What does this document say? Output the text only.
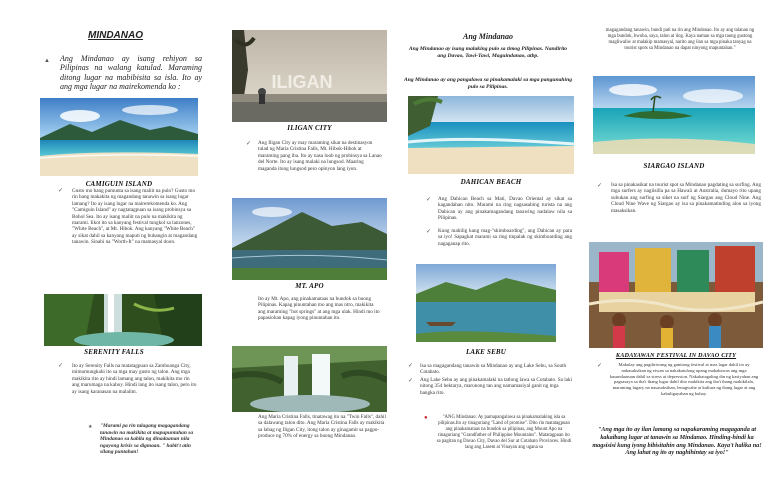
MINDANAO
▲ Ang Mindanao ay isang rehiyon sa Pilipinas na walang katulad. Maraming ditong lugar na mabibisita sa isla. Ito ay ang mga lugar na mairekomenda ko :
CAMIGUIN ISLAND
✓ Gusto mo bang pumunta sa isang maliit na pulo? Gusto mo rin bang makakita ng magandang tanawin sa isang lugar lamang? Ito ay isang lugar na mairerekomenda ko. Ang "Camiguin Island" ay nagtatagpuan sa isang probinsya sa Bohol Sea. Ito ay isang maliit na pulo na makikita ng marami. Iikot ito sa kanyang festival tungkol sa lanzones, "White Beach", at Mt. Hibok. Ang kanyang "White Beach" ay sikat dahil sa kanyang maputi ng buhangin at magandang tanawin. Sinabi na "Worth-It" na mamasyal doon.
SERENITY FALLS
✓ Ito ay Serenity Falls na matatagpuan sa Zamboanga City, mimumungkahi ito sa mga may gusto ng talon. Ang mga makikita rito ay hindi lamang ang talon, makikita mo rin ang marumaga na kahoy. Hindi lang ito isang talon, pero ito ay isang karanasan na malalim.
★ "Marami pa rin talagang magagandang tanawin na makikita at mapupuntahan sa Mindanao sa kabila ng dinadaanan nila ngayong krisis sa digmaan. " habit't atin silang puntahan!
ILIGAN
ILIGAN CITY
✓ Ang Iligan City ay may maraming sikat na destinasyon tulad ng Maria Cristina Falls, Mt. Hibok-Hibok at maraming pang iba. Ito ay nasa loob ng probinsya sa Lanao del Norte. Ito ay isang malaki na lungsod. Maaring maganda itong lungsod pero opinyon lang iyon.
MT. APO
Ito ay Mt. Apo, ang pinakamataas na bundok sa buong Pilipinas. Kapag pinuntahan mo ang mas ntro, makikita ang maraming "hot springs" at ang mga ulak. Hindi mo ito papasiohan kapag iyong pinuntahan ito.
Ang Maria Cristina Falls, tinatawag ito na "Twin Falls", dahil sa dalawang talon dito. Ang Maria Cristina Falls ay makikita sa labag ng Iligan City, itong talon ay ginagamit sa pagpo-produce ng 70% of energy sa buong Mindanao.
Ang Mindanao
Ang Mindanao ay isang malaking pulo sa timog Pilipinas. Nandirito ang Davao, Tawi-Tawi, Maguindanao, atbp.
Ang Mindanao ay ang pangalawa sa pinakamalaki sa mga pangunahing pulo sa Pilipinas.
DAHICAN BEACH
✓ Ang Dahican Beach sa Mati, Davao Oriental ay sikat sa kagandahan nito. Marami na ring nagsasabing turista na ang Dahican ay ang pinakamagandang tanawing nadalaw nila sa Pilipinas.
✓ Kung mahilig kang mag-"skimboarding", ang Dahican ay para sa iyo! Sapagkat marami sa ring tinpalak ng skimboarding ang nagaganap rito.
LAKE SEBU
✓ Isa sa magagandang tanawin sa Mindanao ay ang Lake Sebu, sa South Cotabato.
✓ Ang Lake Sebu ay ang pinakamalaki na tatlong lawa sa Cotabato. Sa laki nitong 354 hektarya, marunong tan ang namamasiyal ganit ng mga bangka rito.
●	"ANG Mindanao: Ay pamapangalawa sa pinakamalaking isla sa pilipinas.Ito ay tinaguriang "Land of promise". Dito rin matatagpuan ang pinakamataas na bundok sa pilipinas, ang Mount Apo na tinaguriang "Grandfather of Philippine Mountains". Matatagpuan ito sa pagitan ng Davao City, Davao del Sur at Cotabato Provinces. Hindi lang ang Lasem at Vinayan ang ugana sa
magagandang tanawin, bundi pati na rin ang Mindanao. Ito ay ang talanan ng mga bundok, bwoba, saya, talon at ilog. Kaya naman sa mga taong gustong magliwaliw at malakip mamasyal, narito ang ilan sa mga pinaka tanyag na tourist spots sa Mindanao na dapat ninyong mapuntahan."
SIARGAO ISLAND
✓ Isa sa pinakasikat na tourist spot sa Mindanao pagdating sa surfing. Ang mga surfers ay nagiisilla pa sa Hawaii at Australia, dumayo rito upang subukan ang surfing sa siket na surf ng Siargao ang Cloud Nine. Ang Cloud Nine Wave ng Siargao ay isa sa pinakamatinding alon sa iyong masaksikan.
KADAYAWAN FESTIVAL IN DAVAO CITY
✓	Makulay ang pagdiriwang ng ganitong festival at mas lagar dahil ito ay nakasaksikan ng eiwan sa nakakatulong upang makabawas ang mga kasundaaruan dahil sa stress at depression. Nakakatagaling din ng kasiyahan ang pagsasaya sa iba't ibang lugar dahil dito makikita ang iba't ibang makikilala, maraming lugary na nasasaksihan, lenagwahe at kultura ng ibang lugar at ang kabuligayahan ng buhay.
"Ang mga ito ay ilan lamang sa napakaraming magaganda at kakaibang lugar at tanawin sa Mindanao. Hinding-hindi ka magsisisi kung iyong bibisitahin ang Mindanao. Kaya't halika na! Ang lahat ng ito ay naghihintay sa iyo!"
